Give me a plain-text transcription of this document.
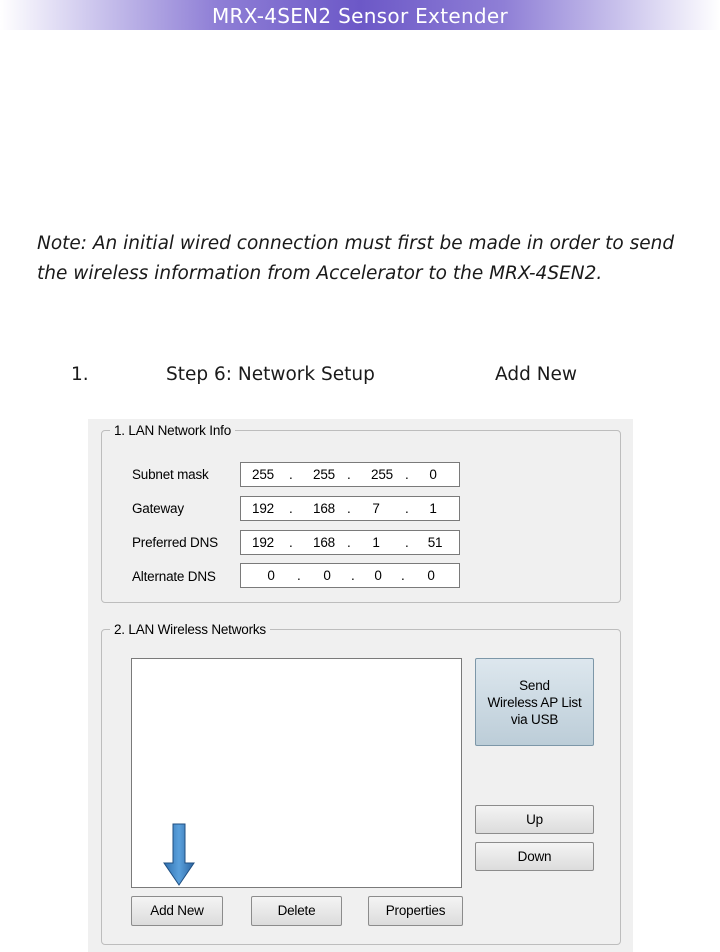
MRX-4SEN2 Sensor Extender
Note: An initial wired connection must first be made in order to send
the wireless information from Accelerator to the MRX-4SEN2.
1.	Step 6: Network Setup	Add New
1. LAN Network Info
Subnet mask	255	.	255 .	255 .	0
Gateway	192	.	168 .	7	.	1
Preferred DNS	192	.	168 .	1	.	51
Alternate DNS	0	.	0	.	0	.	0
2. LAN Wireless Networks
Send
Wireless AP List
via USB
Up
Down
Add New	Delete	Properties
